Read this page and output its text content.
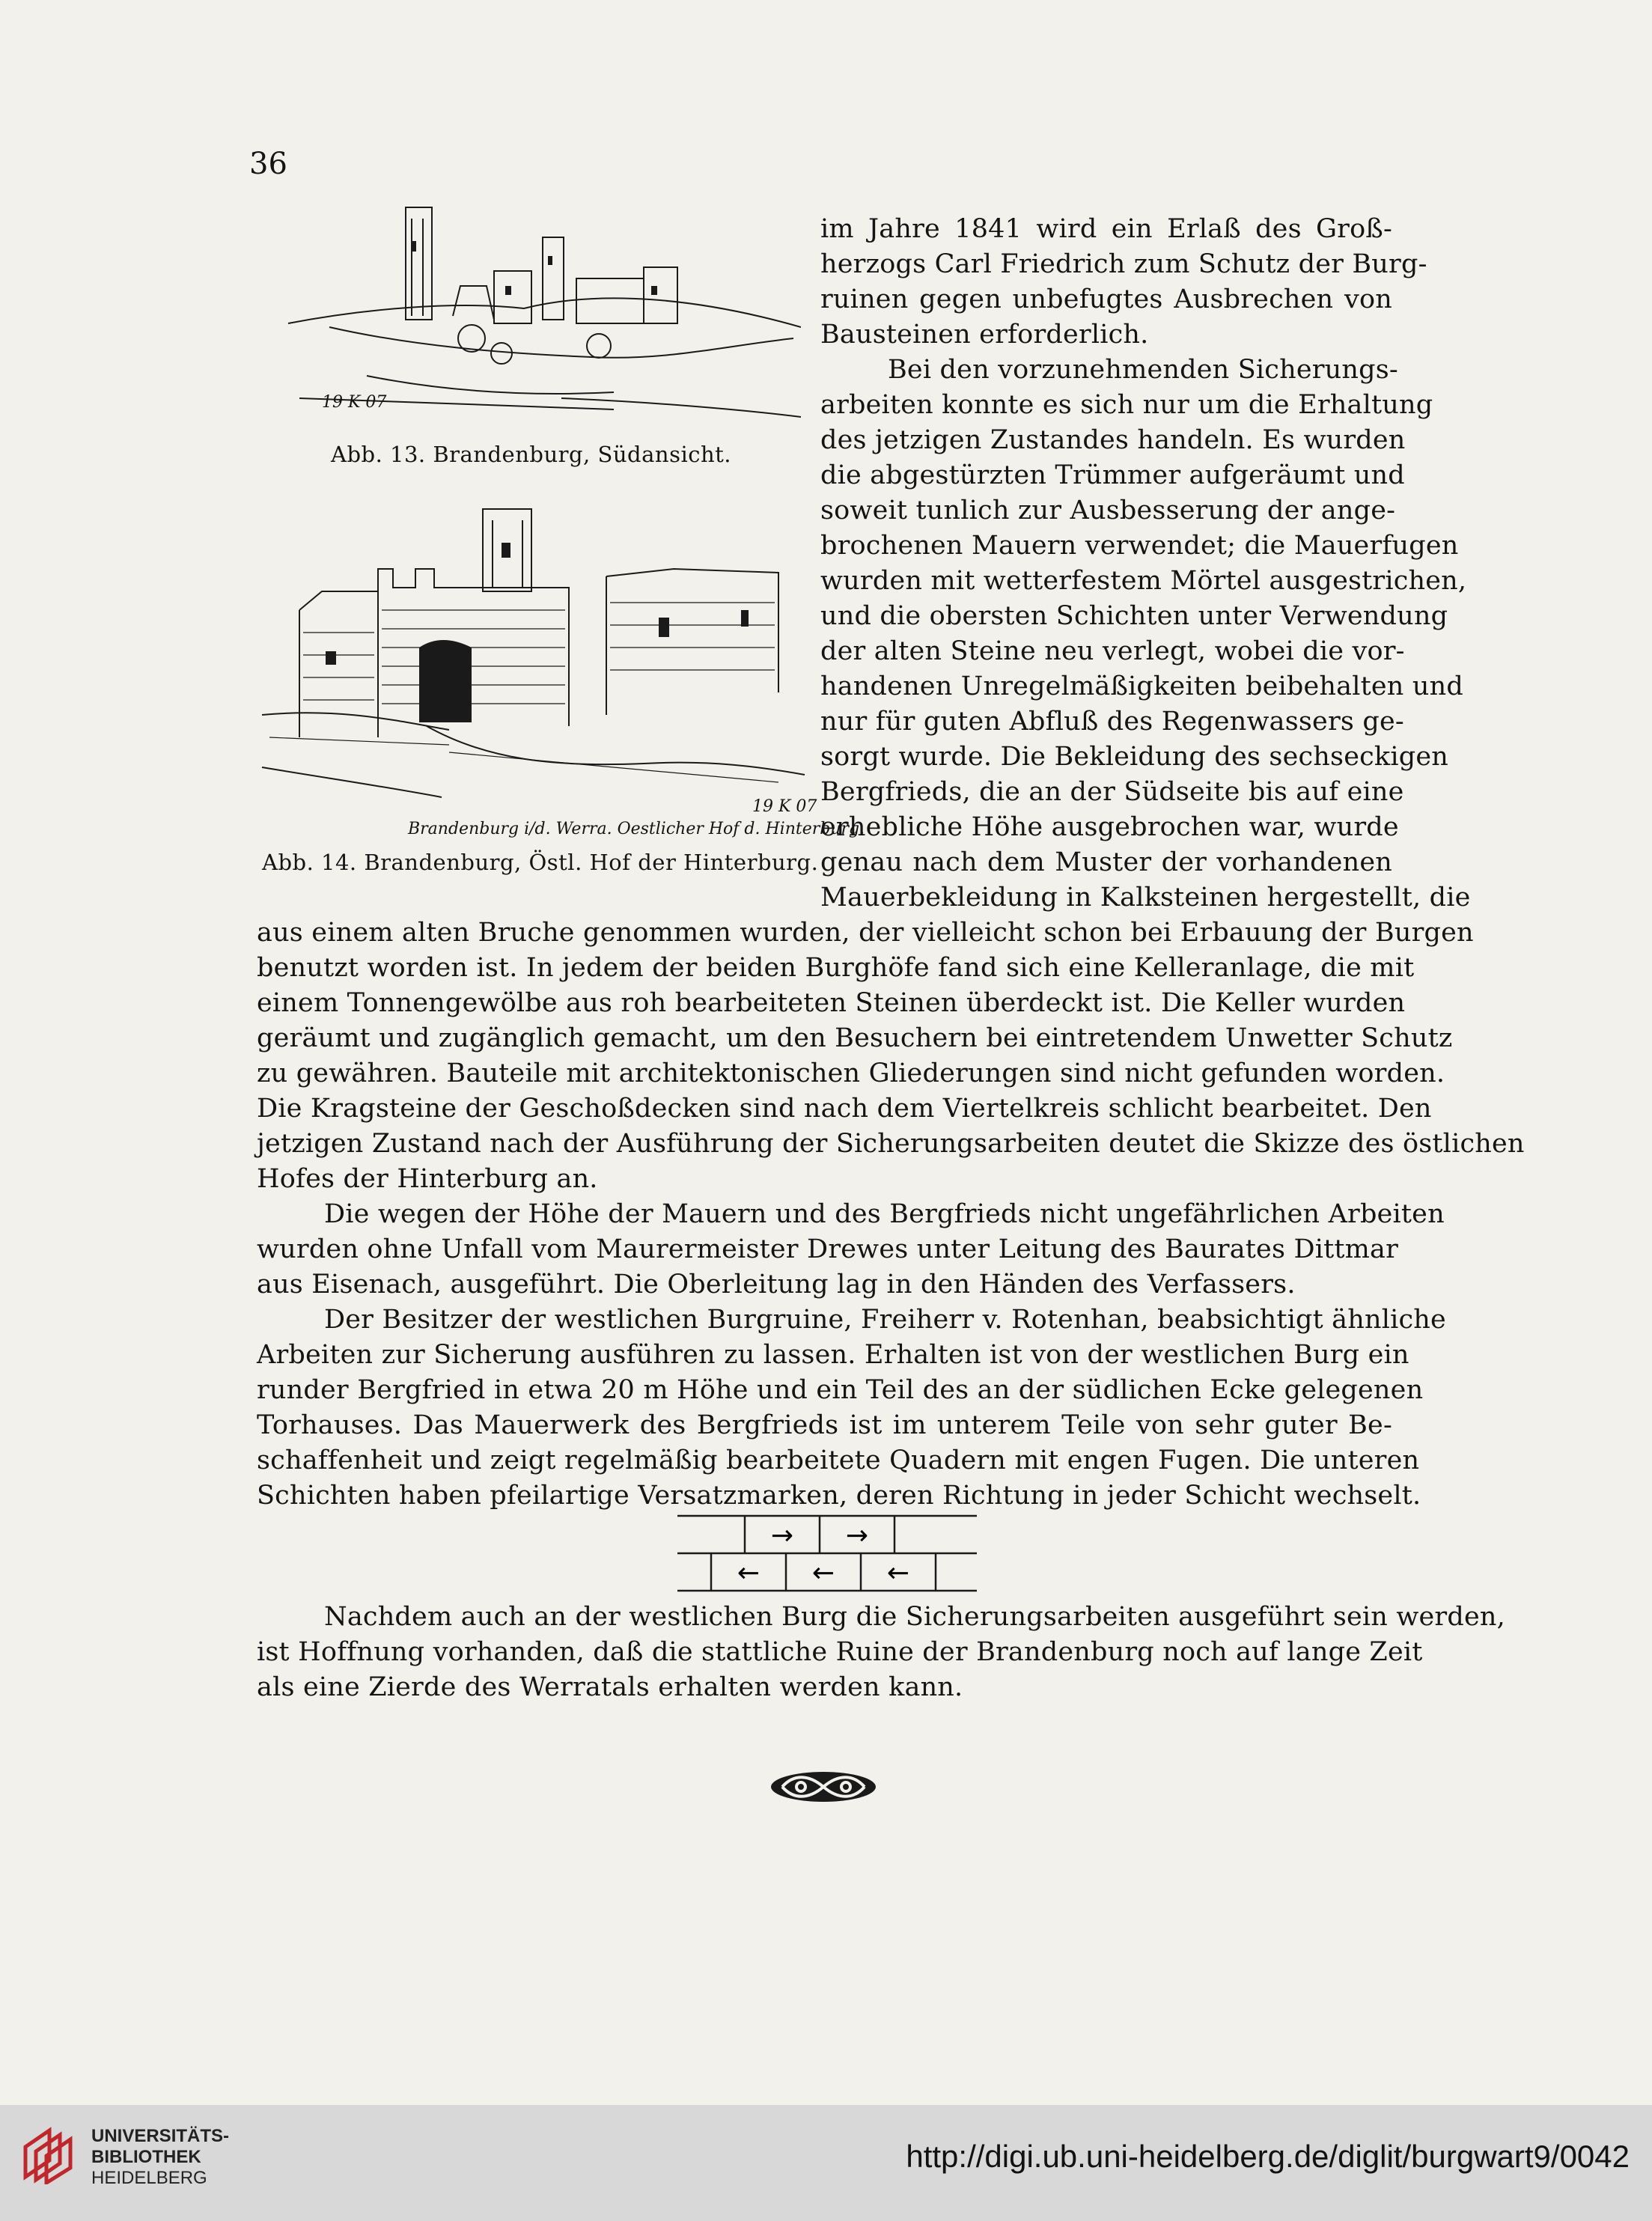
36
19 K 07
Abb. 13. Brandenburg, Südansicht.
19 K 07
Brandenburg i/d. Werra. Oestlicher Hof d. Hinterburg.
Abb. 14. Brandenburg, Östl. Hof der Hinterburg.
im Jahre 1841 wird ein Erlaß des Groß-
herzogs Carl Friedrich zum Schutz der Burg-
ruinen gegen unbefugtes Ausbrechen von
Bausteinen erforderlich.
Bei den vorzunehmenden Sicherungs-
arbeiten konnte es sich nur um die Erhaltung
des jetzigen Zustandes handeln. Es wurden
die abgestürzten Trümmer aufgeräumt und
soweit tunlich zur Ausbesserung der ange-
brochenen Mauern verwendet; die Mauerfugen
wurden mit wetterfestem Mörtel ausgestrichen,
und die obersten Schichten unter Verwendung
der alten Steine neu verlegt, wobei die vor-
handenen Unregelmäßigkeiten beibehalten und
nur für guten Abfluß des Regenwassers ge-
sorgt wurde. Die Bekleidung des sechseckigen
Bergfrieds, die an der Südseite bis auf eine
erhebliche Höhe ausgebrochen war, wurde
genau nach dem Muster der vorhandenen
Mauerbekleidung in Kalksteinen hergestellt, die
aus einem alten Bruche genommen wurden, der vielleicht schon bei Erbauung der Burgen
benutzt worden ist. In jedem der beiden Burghöfe fand sich eine Kelleranlage, die mit
einem Tonnengewölbe aus roh bearbeiteten Steinen überdeckt ist. Die Keller wurden
geräumt und zugänglich gemacht, um den Besuchern bei eintretendem Unwetter Schutz
zu gewähren. Bauteile mit architektonischen Gliederungen sind nicht gefunden worden.
Die Kragsteine der Geschoßdecken sind nach dem Viertelkreis schlicht bearbeitet. Den
jetzigen Zustand nach der Ausführung der Sicherungsarbeiten deutet die Skizze des östlichen
Hofes der Hinterburg an.
Die wegen der Höhe der Mauern und des Bergfrieds nicht ungefährlichen Arbeiten
wurden ohne Unfall vom Maurermeister Drewes unter Leitung des Baurates Dittmar
aus Eisenach, ausgeführt. Die Oberleitung lag in den Händen des Verfassers.
Der Besitzer der westlichen Burgruine, Freiherr v. Rotenhan, beabsichtigt ähnliche
Arbeiten zur Sicherung ausführen zu lassen. Erhalten ist von der westlichen Burg ein
runder Bergfried in etwa 20 m Höhe und ein Teil des an der südlichen Ecke gelegenen
Torhauses. Das Mauerwerk des Bergfrieds ist im unterem Teile von sehr guter Be-
schaffenheit und zeigt regelmäßig bearbeitete Quadern mit engen Fugen. Die unteren
Schichten haben pfeilartige Versatzmarken, deren Richtung in jeder Schicht wechselt.
→ →
← ← ←
Nachdem auch an der westlichen Burg die Sicherungsarbeiten ausgeführt sein werden,
ist Hoffnung vorhanden, daß die stattliche Ruine der Brandenburg noch auf lange Zeit
als eine Zierde des Werratals erhalten werden kann.
UNIVERSITÄTS-
BIBLIOTHEK
HEIDELBERG
http://digi.ub.uni-heidelberg.de/diglit/burgwart9/0042
